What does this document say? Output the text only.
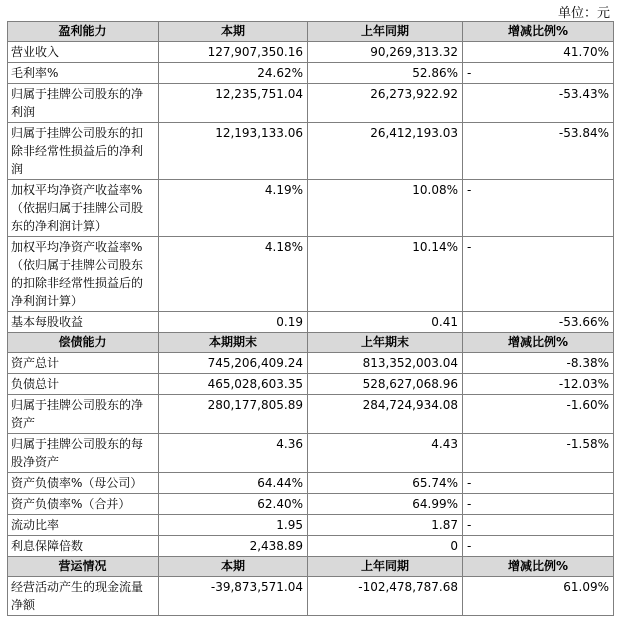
单位：元
盈利能力	本期	上年同期	增减比例%
营业收入	127,907,350.16	90,269,313.32	41.70%
毛利率%	24.62%	52.86%	-
归属于挂牌公司股东的净利润	12,235,751.04	26,273,922.92	-53.43%
归属于挂牌公司股东的扣除非经常性损益后的净利润	12,193,133.06	26,412,193.03	-53.84%
加权平均净资产收益率%（依据归属于挂牌公司股东的净利润计算）	4.19%	10.08%	-
加权平均净资产收益率%（依归属于挂牌公司股东的扣除非经常性损益后的净利润计算）	4.18%	10.14%	-
基本每股收益	0.19	0.41	-53.66%
偿债能力	本期期末	上年期末	增减比例%
资产总计	745,206,409.24	813,352,003.04	-8.38%
负债总计	465,028,603.35	528,627,068.96	-12.03%
归属于挂牌公司股东的净资产	280,177,805.89	284,724,934.08	-1.60%
归属于挂牌公司股东的每股净资产	4.36	4.43	-1.58%
资产负债率%（母公司）	64.44%	65.74%	-
资产负债率%（合并）	62.40%	64.99%	-
流动比率	1.95	1.87	-
利息保障倍数	2,438.89	0	-
营运情况	本期	上年同期	增减比例%
经营活动产生的现金流量净额	-39,873,571.04	-102,478,787.68	61.09%
